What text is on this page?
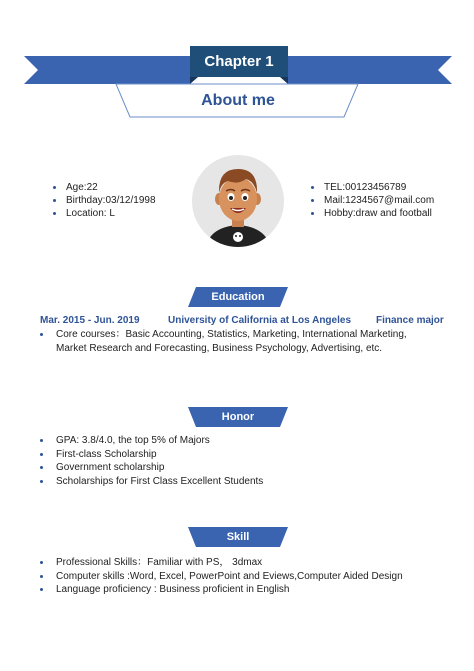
Chapter 1
About me
Age:22
Birthday:03/12/1998
Location: L
TEL:00123456789
Mail:1234567@mail.com
Hobby:draw and football
Education
Mar. 2015 - Jun. 2019	University of California at Los Angeles Finance major
Core courses：Basic Accounting, Statistics, Marketing, International Marketing, Market Research and Forecasting, Business Psychology, Advertising, etc.
Honor
GPA: 3.8/4.0, the top 5% of Majors
First-class Scholarship
Government scholarship
Scholarships for First Class Excellent Students
Skill
Professional Skills：Familiar with PS， 3dmax
Computer skills :Word, Excel, PowerPoint and Eviews,Computer Aided Design
Language proficiency : Business proficient in English
